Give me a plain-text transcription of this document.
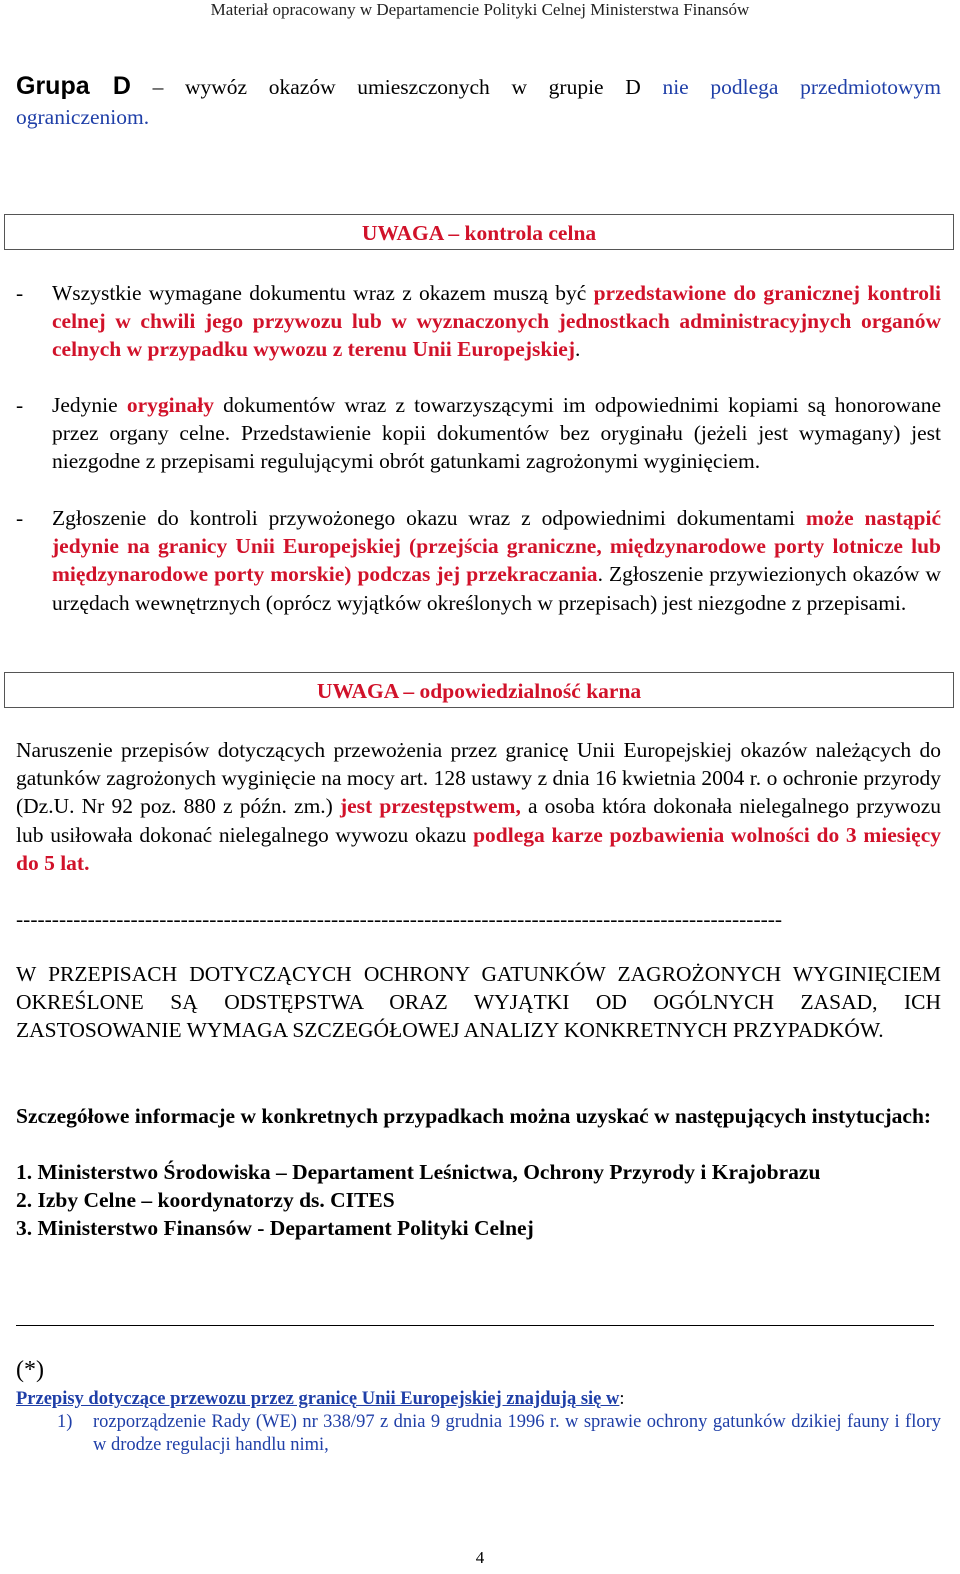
Materiał opracowany w Departamencie Polityki Celnej Ministerstwa Finansów
Grupa D – wywóz okazów umieszczonych w grupie D nie podlega przedmiotowym
ograniczeniom.
UWAGA – kontrola celna
- Wszystkie wymagane dokumentu wraz z okazem muszą być przedstawione do granicznej kontroli celnej w chwili jego przywozu lub w wyznaczonych jednostkach administracyjnych organów celnych w przypadku wywozu z terenu Unii Europejskiej.
- Jedynie oryginały dokumentów wraz z towarzyszącymi im odpowiednimi kopiami są honorowane przez organy celne. Przedstawienie kopii dokumentów bez oryginału (jeżeli jest wymagany) jest niezgodne z przepisami regulującymi obrót gatunkami zagrożonymi wyginięciem.
- Zgłoszenie do kontroli przywożonego okazu wraz z odpowiednimi dokumentami może nastąpić jedynie na granicy Unii Europejskiej (przejścia graniczne, międzynarodowe porty lotnicze lub międzynarodowe porty morskie) podczas jej przekraczania. Zgłoszenie przywiezionych okazów w urzędach wewnętrznych (oprócz wyjątków określonych w przepisach) jest niezgodne z przepisami.
UWAGA – odpowiedzialność karna
Naruszenie przepisów dotyczących przewożenia przez granicę Unii Europejskiej okazów należących do gatunków zagrożonych wyginięcie na mocy art. 128 ustawy z dnia 16 kwietnia 2004 r. o ochronie przyrody (Dz.U. Nr 92 poz. 880 z późn. zm.) jest przestępstwem, a osoba która dokonała nielegalnego przywozu lub usiłowała dokonać nielegalnego wywozu okazu podlega karze pozbawienia wolności do 3 miesięcy do 5 lat.
-----------------------------------------------------------------------------------------------------------
W PRZEPISACH DOTYCZĄCYCH OCHRONY GATUNKÓW ZAGROŻONYCH WYGINIĘCIEM OKREŚLONE SĄ ODSTĘPSTWA ORAZ WYJĄTKI OD OGÓLNYCH ZASAD, ICH ZASTOSOWANIE WYMAGA SZCZEGÓŁOWEJ ANALIZY KONKRETNYCH PRZYPADKÓW.
Szczegółowe informacje w konkretnych przypadkach można uzyskać w następujących instytucjach:
1. Ministerstwo Środowiska – Departament Leśnictwa, Ochrony Przyrody i Krajobrazu
2. Izby Celne – koordynatorzy ds. CITES
3. Ministerstwo Finansów - Departament Polityki Celnej
(*)
Przepisy dotyczące przewozu przez granicę Unii Europejskiej znajdują się w:
1) rozporządzenie Rady (WE) nr 338/97 z dnia 9 grudnia 1996 r. w sprawie ochrony gatunków dzikiej fauny i flory w drodze regulacji handlu nimi,
4
